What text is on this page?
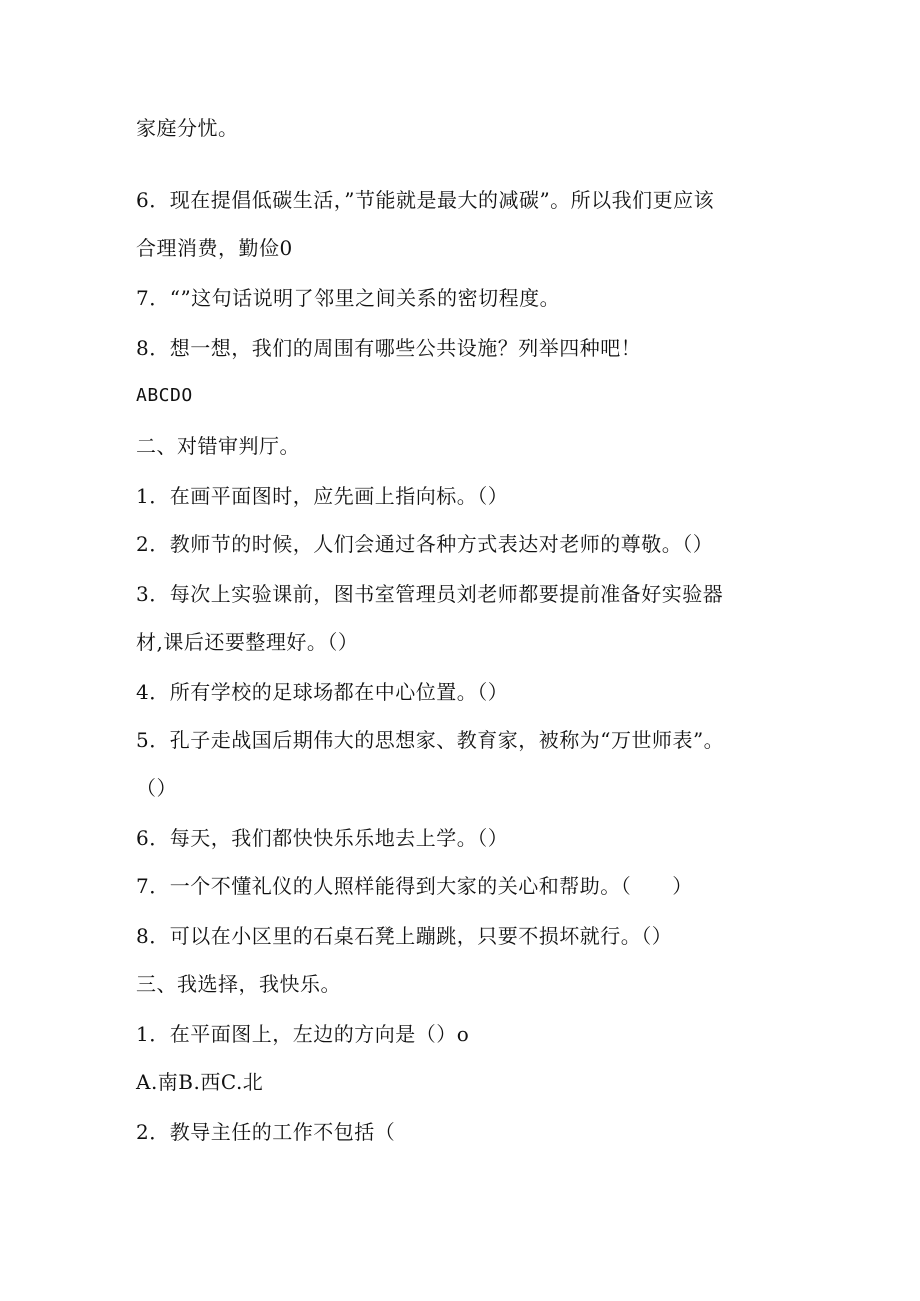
家庭分忧。
6．现在提倡低碳生活，”节能就是最大的减碳”。所以我们更应该
合理消费，勤俭0
7．“”这句话说明了邻里之间关系的密切程度。
8．想一想，我们的周围有哪些公共设施？列举四种吧！
ABCDO
二、对错审判厅。
1．在画平面图时，应先画上指向标。（）
2．教师节的时候，人们会通过各种方式表达对老师的尊敬。（）
3．每次上实验课前，图书室管理员刘老师都要提前准备好实验器
材,课后还要整理好。（）
4．所有学校的足球场都在中心位置。（）
5．孔子走战国后期伟大的思想家、教育家，被称为“万世师表”。
（）
6．每天，我们都快快乐乐地去上学。（）
7．一个不懂礼仪的人照样能得到大家的关心和帮助。（　　）
8．可以在小区里的石桌石凳上蹦跳，只要不损坏就行。（）
三、我选择，我快乐。
1．在平面图上，左边的方向是（）o
A.南B.西C.北
2．教导主任的工作不包括（
